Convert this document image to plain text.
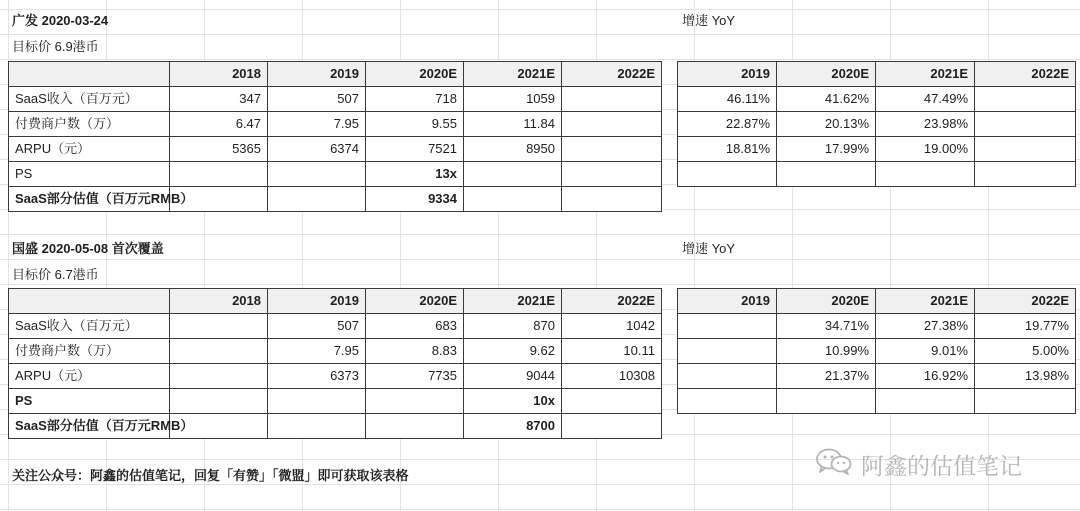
广发 2020-03-24
目标价 6.9港币
增速 YoY
	2018	2019	2020E	2021E	2022E
SaaS收入（百万元）	347	507	718	1059	
付费商户数（万）	6.47	7.95	9.55	11.84	
ARPU（元）	5365	6374	7521	8950	
PS			13x		
SaaS部分估值（百万元RMB）			9334		
2019	2020E	2021E	2022E
46.11%	41.62%	47.49%	
22.87%	20.13%	23.98%	
18.81%	17.99%	19.00%	

国盛 2020-05-08 首次覆盖
目标价 6.7港币
增速 YoY
	2018	2019	2020E	2021E	2022E
SaaS收入（百万元）		507	683	870	1042
付费商户数（万）		7.95	8.83	9.62	10.11
ARPU（元）		6373	7735	9044	10308
PS				10x	
SaaS部分估值（百万元RMB）				8700	
2019	2020E	2021E	2022E
	34.71%	27.38%	19.77%
	10.99%	9.01%	5.00%
	21.37%	16.92%	13.98%

关注公众号：阿鑫的估值笔记，回复「有赞」「微盟」即可获取该表格	阿鑫的估值笔记
